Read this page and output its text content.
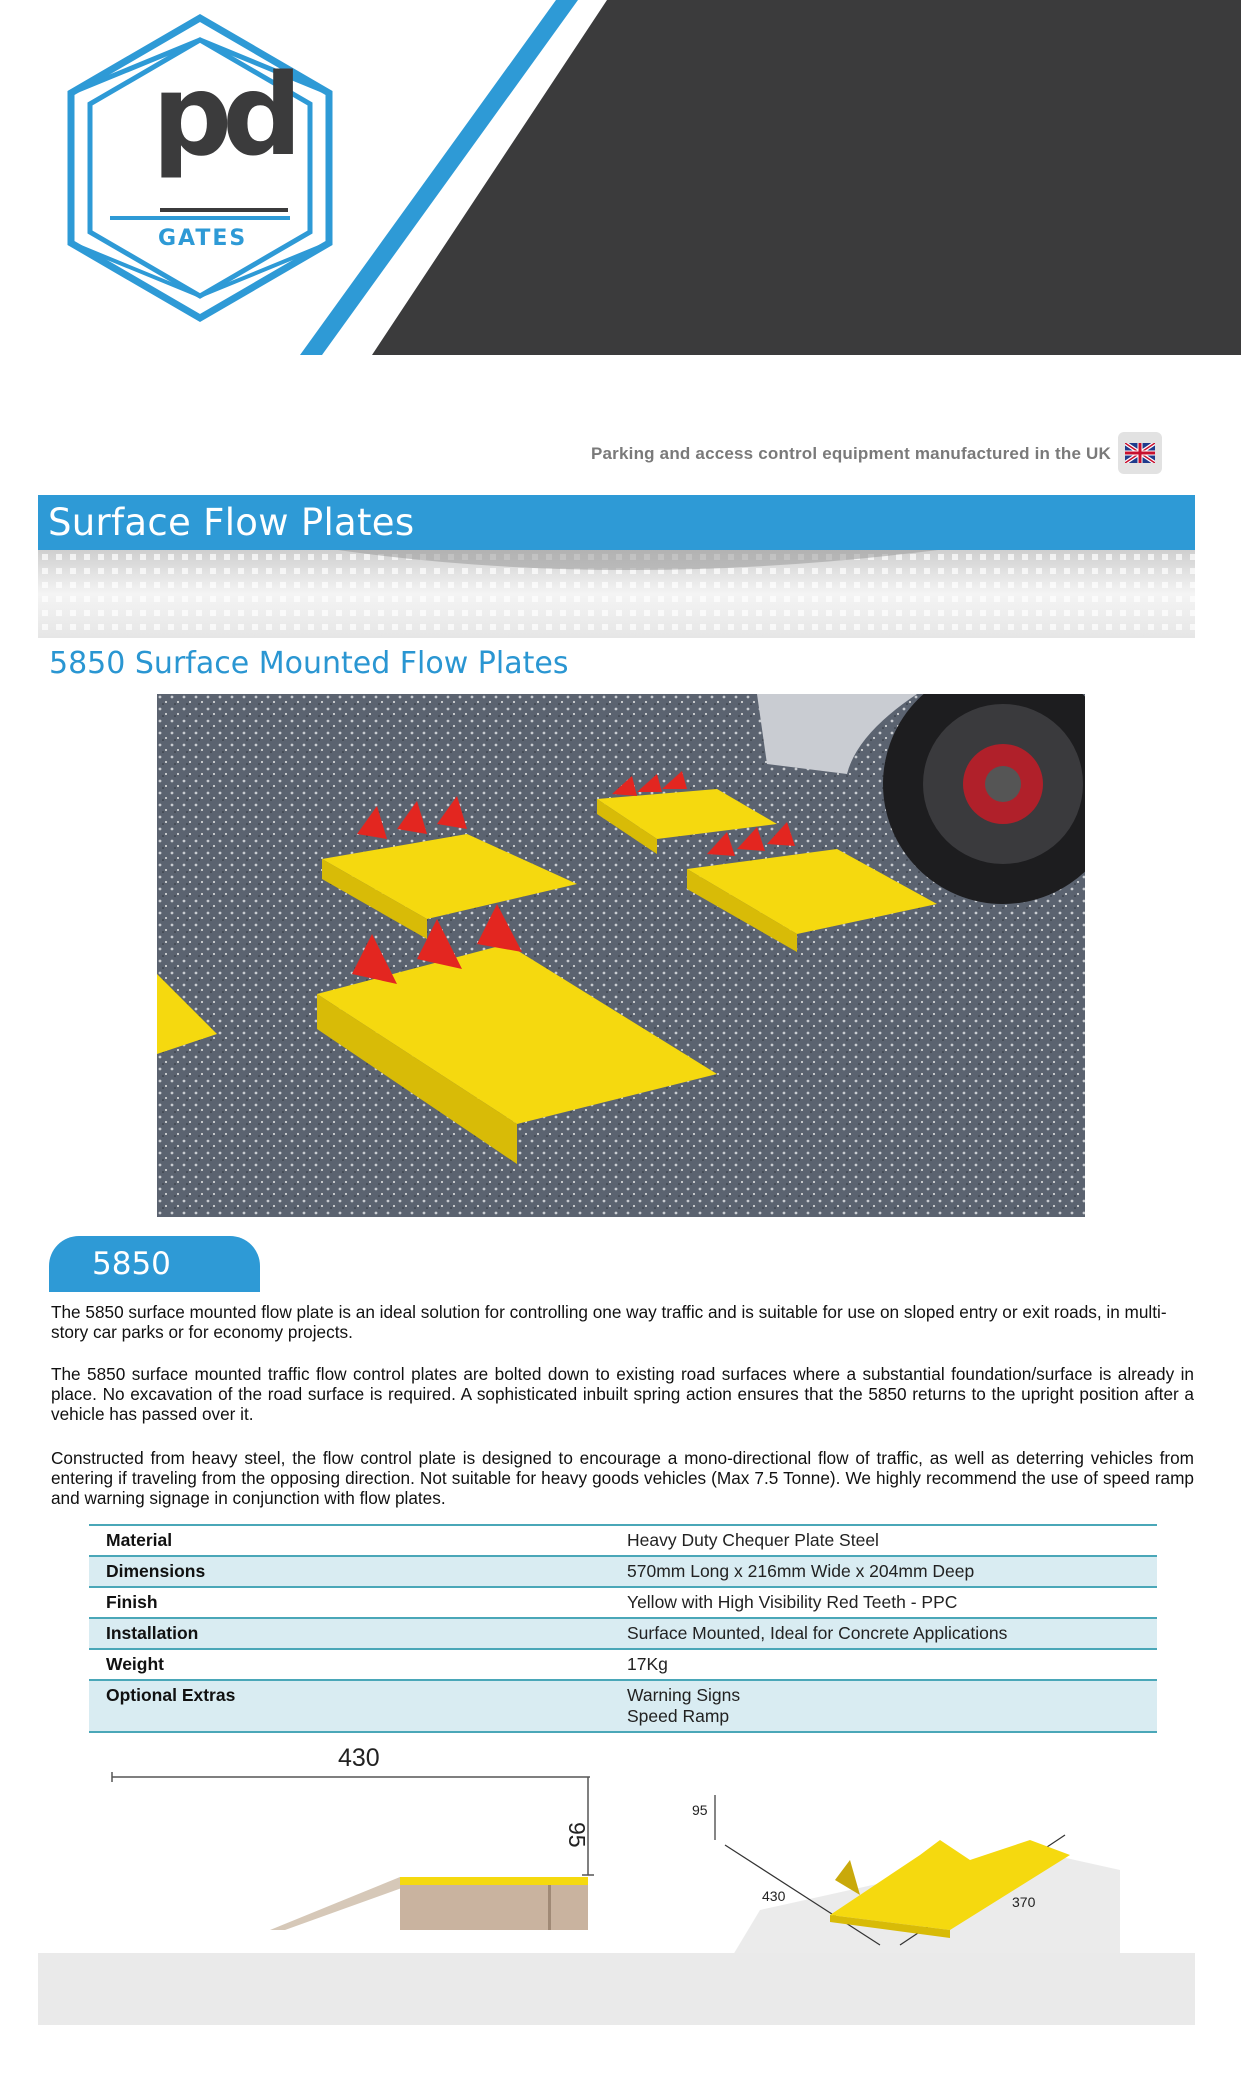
pd
GATES
Parking and access control equipment manufactured in the UK
Surface Flow Plates
5850 Surface Mounted Flow Plates
5850

The 5850 surface mounted flow plate is an ideal solution for controlling one way traffic and is suitable for use on sloped entry or exit roads, in multi-story car parks or for economy projects.

The 5850 surface mounted traffic flow control plates are bolted down to existing road surfaces where a substantial foundation/surface is already in place. No excavation of the road surface is required. A sophisticated inbuilt spring action ensures that the 5850 returns to the upright position after a vehicle has passed over it.

Constructed from heavy steel, the flow control plate is designed to encourage a mono-directional flow of traffic, as well as deterring vehicles from entering if traveling from the opposing direction. Not suitable for heavy goods vehicles (Max 7.5 Tonne). We highly recommend the use of speed ramp and warning signage in conjunction with flow plates.

Material	Heavy Duty Chequer Plate Steel
Dimensions	570mm Long x 216mm Wide x 204mm Deep
Finish	Yellow with High Visibility Red Teeth - PPC
Installation	Surface Mounted, Ideal for Concrete Applications
Weight	17Kg
Optional Extras	Warning Signs
Speed Ramp
430
95
95
430	370
